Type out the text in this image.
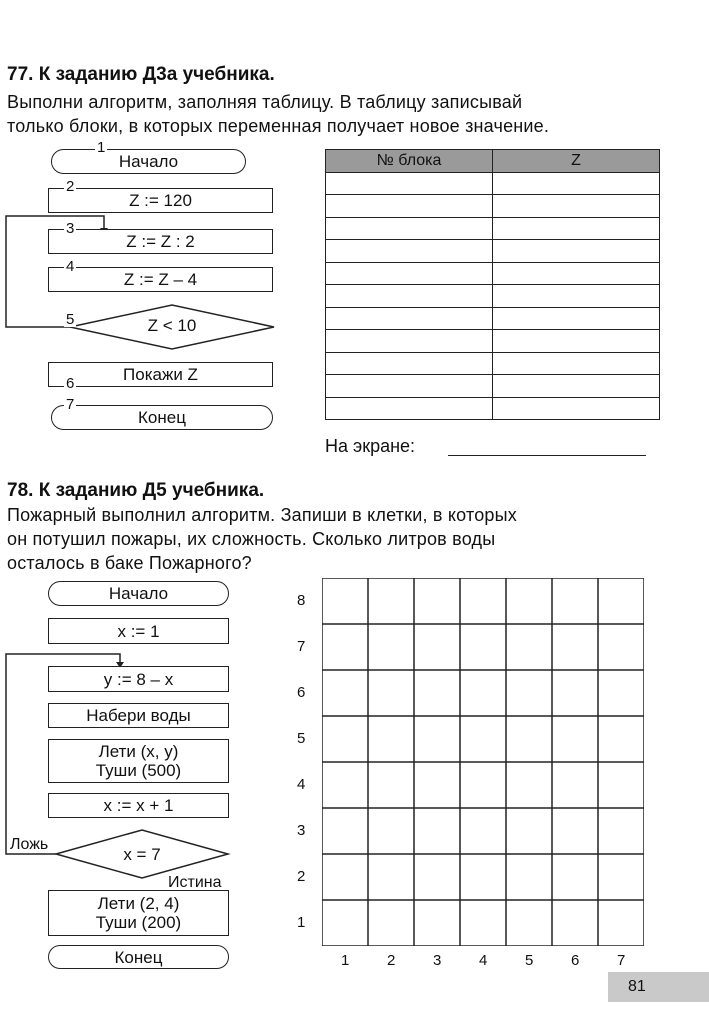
77. К заданию Д3а учебника.
Выполни алгоритм, заполняя таблицу. В таблицу записывай
только блоки, в которых переменная получает новое значение.
Начало
Z := 120
Z := Z : 2
Z := Z – 4
Z < 10
Покажи Z
Конец
1
2
3
4
5
6
7
№ блока	Z

На экране:
78. К заданию Д5 учебника.
Пожарный выполнил алгоритм. Запиши в клетки, в которых
он потушил пожары, их сложность. Сколько литров воды
осталось в баке Пожарного?
Начало
x := 1
y := 8 – x
Набери воды
Лети (x, y)
Туши (500)
x := x + 1
x = 7
Лети (2, 4)
Туши (200)
Конец
Ложь
Истина
8
7
6
5
4
3
2
1
1	2	3	4	5	6	7
81
